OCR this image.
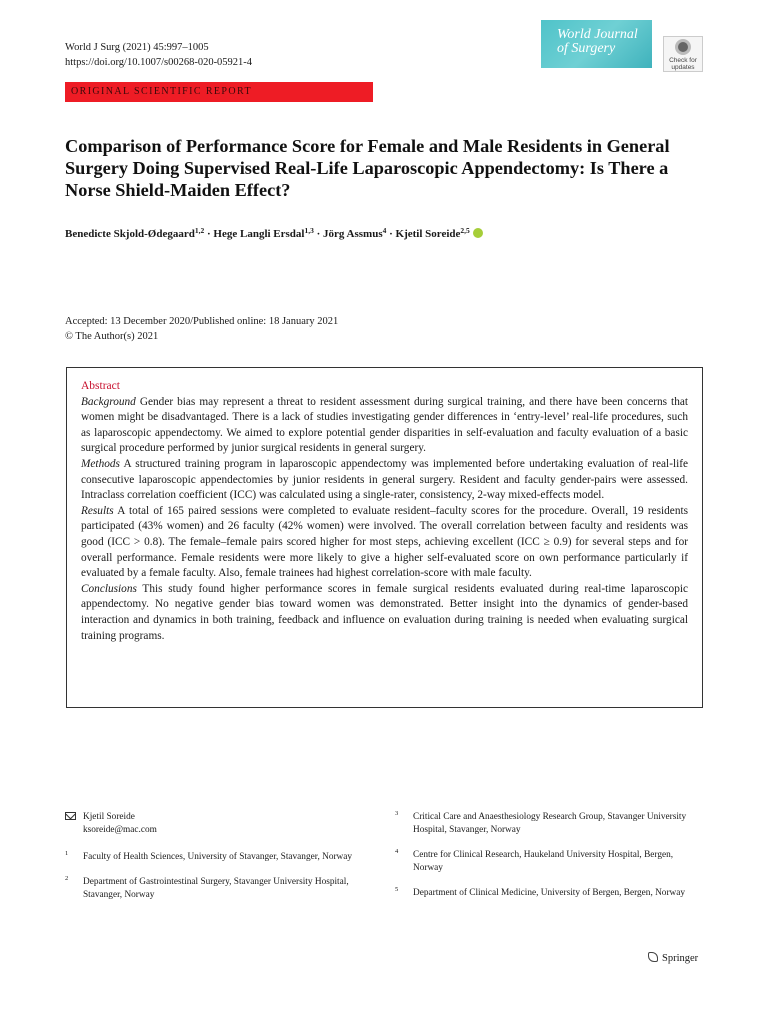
World J Surg (2021) 45:997–1005
https://doi.org/10.1007/s00268-020-05921-4
World Journal
of Surgery
Check for
updates
ORIGINAL SCIENTIFIC REPORT
Comparison of Performance Score for Female and Male Residents in General Surgery Doing Supervised Real-Life Laparoscopic Appendectomy: Is There a Norse Shield-Maiden Effect?
Benedicte Skjold-Ødegaard$^{1,2}$ · Hege Langli Ersdal$^{1,3}$ · Jörg Assmus$^4$ · Kjetil Soreide$^{2,5}$
Accepted: 13 December 2020/Published online: 18 January 2021
© The Author(s) 2021
Abstract

Background Gender bias may represent a threat to resident assessment during surgical training, and there have been concerns that women might be disadvantaged. There is a lack of studies investigating gender differences in ‘entry-level’ real-life procedures, such as laparoscopic appendectomy. We aimed to explore potential gender disparities in self-evaluation and faculty evaluation of a basic surgical procedure performed by junior surgical residents in general surgery.

Methods A structured training program in laparoscopic appendectomy was implemented before undertaking evaluation of real-life consecutive laparoscopic appendectomies by junior residents in general surgery. Resident and faculty gender-pairs were assessed. Intraclass correlation coefficient (ICC) was calculated using a single-rater, consistency, 2-way mixed-effects model.

Results A total of 165 paired sessions were completed to evaluate resident–faculty scores for the procedure. Overall, 19 residents participated (43% women) and 26 faculty (42% women) were involved. The overall correlation between faculty and residents was good (ICC > 0.8). The female–female pairs scored higher for most steps, achieving excellent (ICC ≥ 0.9) for several steps and for overall performance. Female residents were more likely to give a higher self-evaluated score on own performance particularly if evaluated by a female faculty. Also, female trainees had highest correlation-score with male faculty.

Conclusions This study found higher performance scores in female surgical residents evaluated during real-time laparoscopic appendectomy. No negative gender bias toward women was demonstrated. Better insight into the dynamics of gender-based interaction and dynamics in both training, feedback and influence on evaluation during training is needed when evaluating surgical training programs.

Kjetil Soreide
ksoreide@mac.com
1 Faculty of Health Sciences, University of Stavanger, Stavanger, Norway
2 Department of Gastrointestinal Surgery, Stavanger University Hospital, Stavanger, Norway
3 Critical Care and Anaesthesiology Research Group, Stavanger University Hospital, Stavanger, Norway
4 Centre for Clinical Research, Haukeland University Hospital, Bergen, Norway
5 Department of Clinical Medicine, University of Bergen, Bergen, Norway
Springer
